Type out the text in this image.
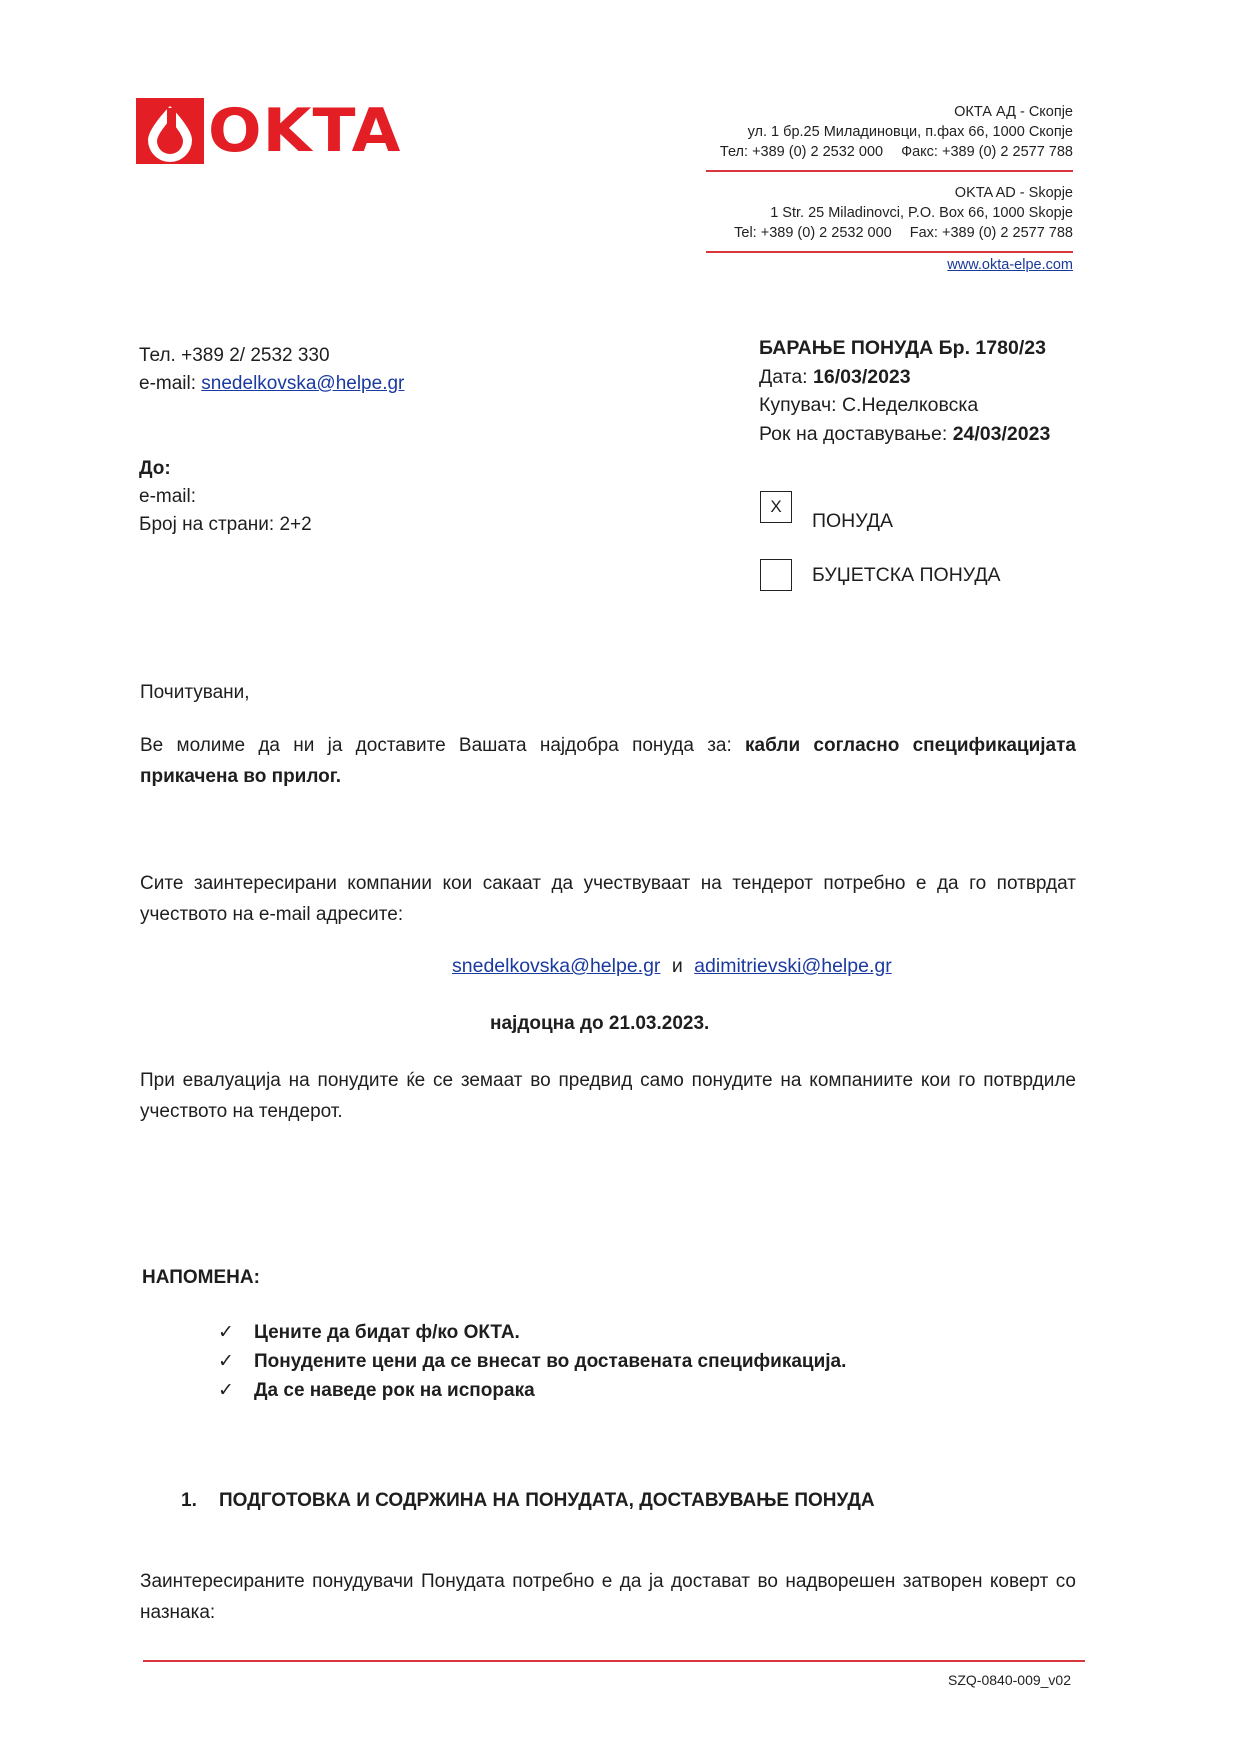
OKTA	ОКТА АД - Скопје
ул. 1 бр.25 Миладиновци, п.фах 66, 1000 Скопје
Тел: +389 (0) 2 2532 000 Факс: +389 (0) 2 2577 788
OKTA AD - Skopje
1 Str. 25 Miladinovci, P.O. Box 66, 1000 Skopje
Tel: +389 (0) 2 2532 000 Fax: +389 (0) 2 2577 788
www.okta-elpe.com
Тел. +389 2/ 2532 330
e-mail: snedelkovska@helpe.gr
До:
e-mail:
Број на страни: 2+2
БАРАЊЕ ПОНУДА Бр. 1780/23
Дата: 16/03/2023
Купувач: С.Неделковска
Рок на доставување: 24/03/2023
X
ПОНУДА
БУЏЕТСКА ПОНУДА
Почитувани,
Ве молиме да ни ја доставите Вашата најдобра понуда за: кабли согласно спецификацијата прикачена во прилог.
Сите заинтересирани компании кои сакаат да учествуваат на тендерот потребно е да го потврдат учеството на e-mail адресите:
snedelkovska@helpe.gr и adimitrievski@helpe.gr
најдоцна до 21.03.2023.
При евалуација на понудите ќе се земаат во предвид само понудите на компаниите кои го потврдиле учеството на тендерот.
НАПОМЕНА:
✓	Цените да бидат ф/ко ОКТА.
✓	Понудените цени да се внесат во доставената спецификација.
✓	Да се наведе рок на испорака
1.	ПОДГОТОВКА И СОДРЖИНА НА ПОНУДАТА, ДОСТАВУВАЊЕ ПОНУДА
Заинтересираните понудувачи Понудата потребно е да ја достават во надворешен затворен коверт со назнака:
SZQ-0840-009_v02
